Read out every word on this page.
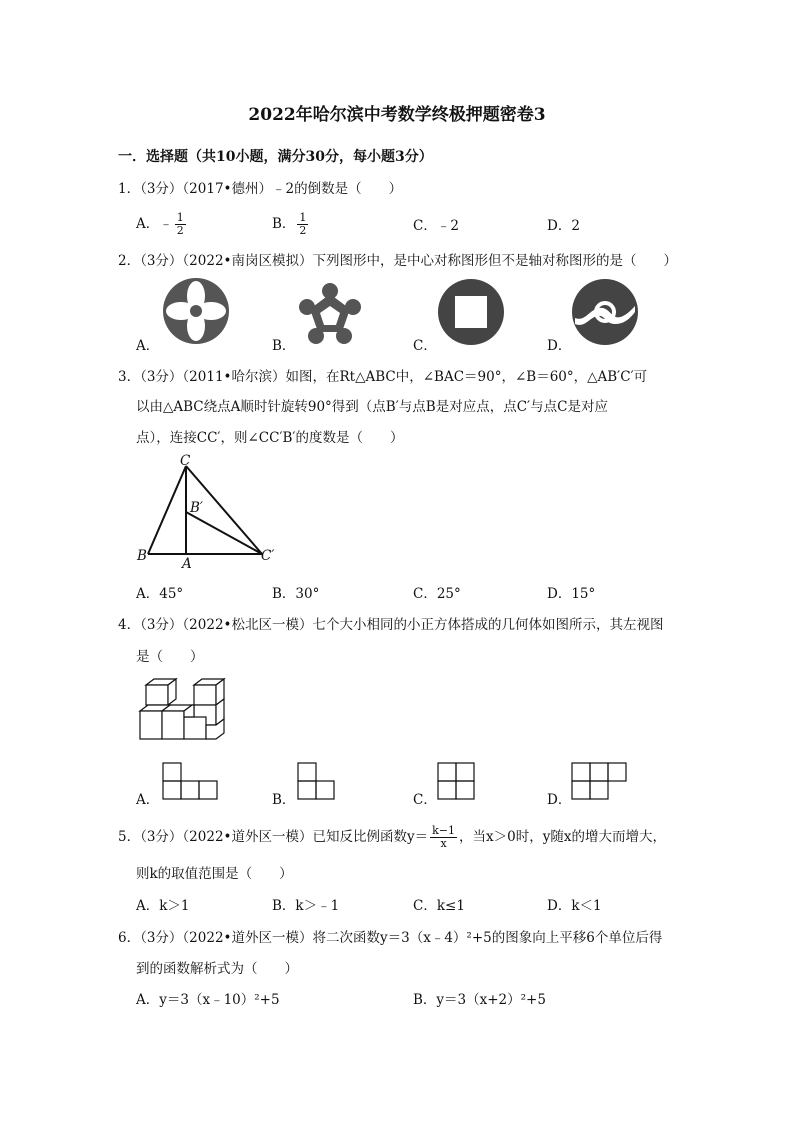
2022年哈尔滨中考数学终极押题密卷3
一．选择题（共10小题，满分30分，每小题3分）
1．（3分）（2017•德州）﹣2的倒数是（　　）
A．﹣ $\frac{1}{2}$	B． $\frac{1}{2}$	C．﹣2	D．2
2．（3分）（2022•南岗区模拟）下列图形中，是中心对称图形但不是轴对称图形的是（　　）
A．	B．	C．	D．
3．（3分）（2011•哈尔滨）如图，在Rt△ABC中，∠BAC＝90°，∠B＝60°，△AB′C′可
以由△ABC绕点A顺时针旋转90°得到（点B′与点B是对应点，点C′与点C是对应
点），连接CC′，则∠CC′B′的度数是（　　）
C
B′
B	A	C′
A．45°	B．30°	C．25°	D．15°
4．（3分）（2022•松北区一模）七个大小相同的小正方体搭成的几何体如图所示，其左视图
是（　　）
A．	B．	C．	D．
5．（3分）（2022•道外区一模）已知反比例函数$y= \frac{k-1}{x}$ ，当x＞0时，y随x的增大而增大，
则k的取值范围是（　　）
A．k＞1	B．k＞﹣1	C．k≤1	D．k＜1
6．（3分）（2022•道外区一模）将二次函数y＝3（x﹣4）²+5的图象向上平移6个单位后得
到的函数解析式为（　　）
A．y＝3（x﹣10）²+5	B．y＝3（x+2）²+5
